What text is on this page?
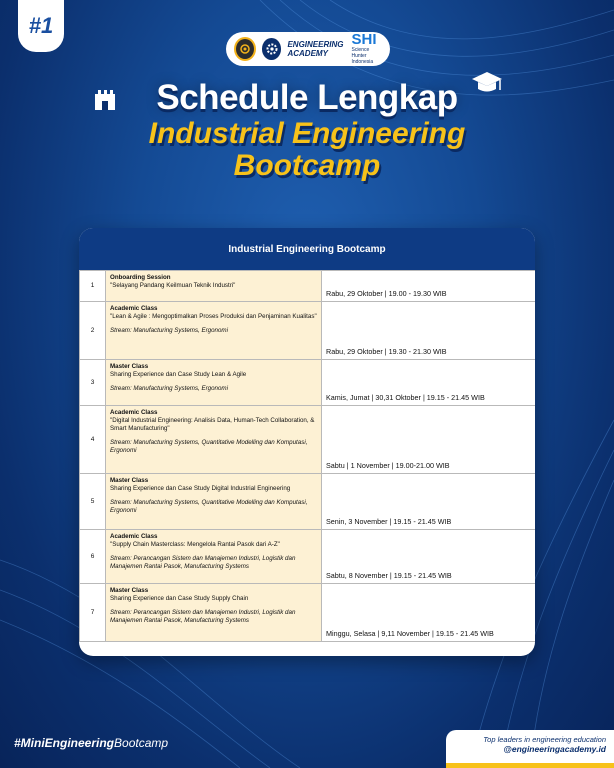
#1
ENGINEERING
ACADEMY
SHI
Science Hunter
Indonesia
Schedule Lengkap
Industrial Engineering
Bootcamp
Industrial Engineering Bootcamp
1	Onboarding Session
"Selayang Pandang Keilmuan Teknik Industri"	Rabu, 29 Oktober | 19.00 - 19.30 WIB
2	Academic Class
"Lean & Agile : Mengoptimalkan Proses Produksi dan Penjaminan Kualitas"
Stream: Manufacturing Systems, Ergonomi	Rabu, 29 Oktober | 19.30 - 21.30 WIB
3	Master Class
Sharing Experience dan Case Study Lean & Agile
Stream: Manufacturing Systems, Ergonomi	Kamis, Jumat | 30,31 Oktober | 19.15 - 21.45 WIB
4	Academic Class
"Digital Industrial Engineering: Analisis Data, Human-Tech Collaboration, & Smart Manufacturing"
Stream: Manufacturing Systems, Quantitative Modelling dan Komputasi, Ergonomi	Sabtu | 1 November | 19.00-21.00 WIB
5	Master Class
Sharing Experience dan Case Study Digital Industrial Engineering
Stream: Manufacturing Systems, Quantitative Modelling dan Komputasi, Ergonomi	Senin, 3 November | 19.15 - 21.45 WIB
6	Academic Class
"Supply Chain Masterclass: Mengelola Rantai Pasok dari A-Z"
Stream: Perancangan Sistem dan Manajemen Industri, Logistik dan Manajemen Rantai Pasok, Manufacturing Systems	Sabtu, 8 November | 19.15 - 21.45 WIB
7	Master Class
Sharing Experience dan Case Study Supply Chain
Stream: Perancangan Sistem dan Manajemen Industri, Logistik dan Manajemen Rantai Pasok, Manufacturing Systems	Minggu, Selasa | 9,11 November | 19.15 - 21.45 WIB
#MiniEngineeringBootcamp	Top leaders in engineering education
@engineeringacademy.id
